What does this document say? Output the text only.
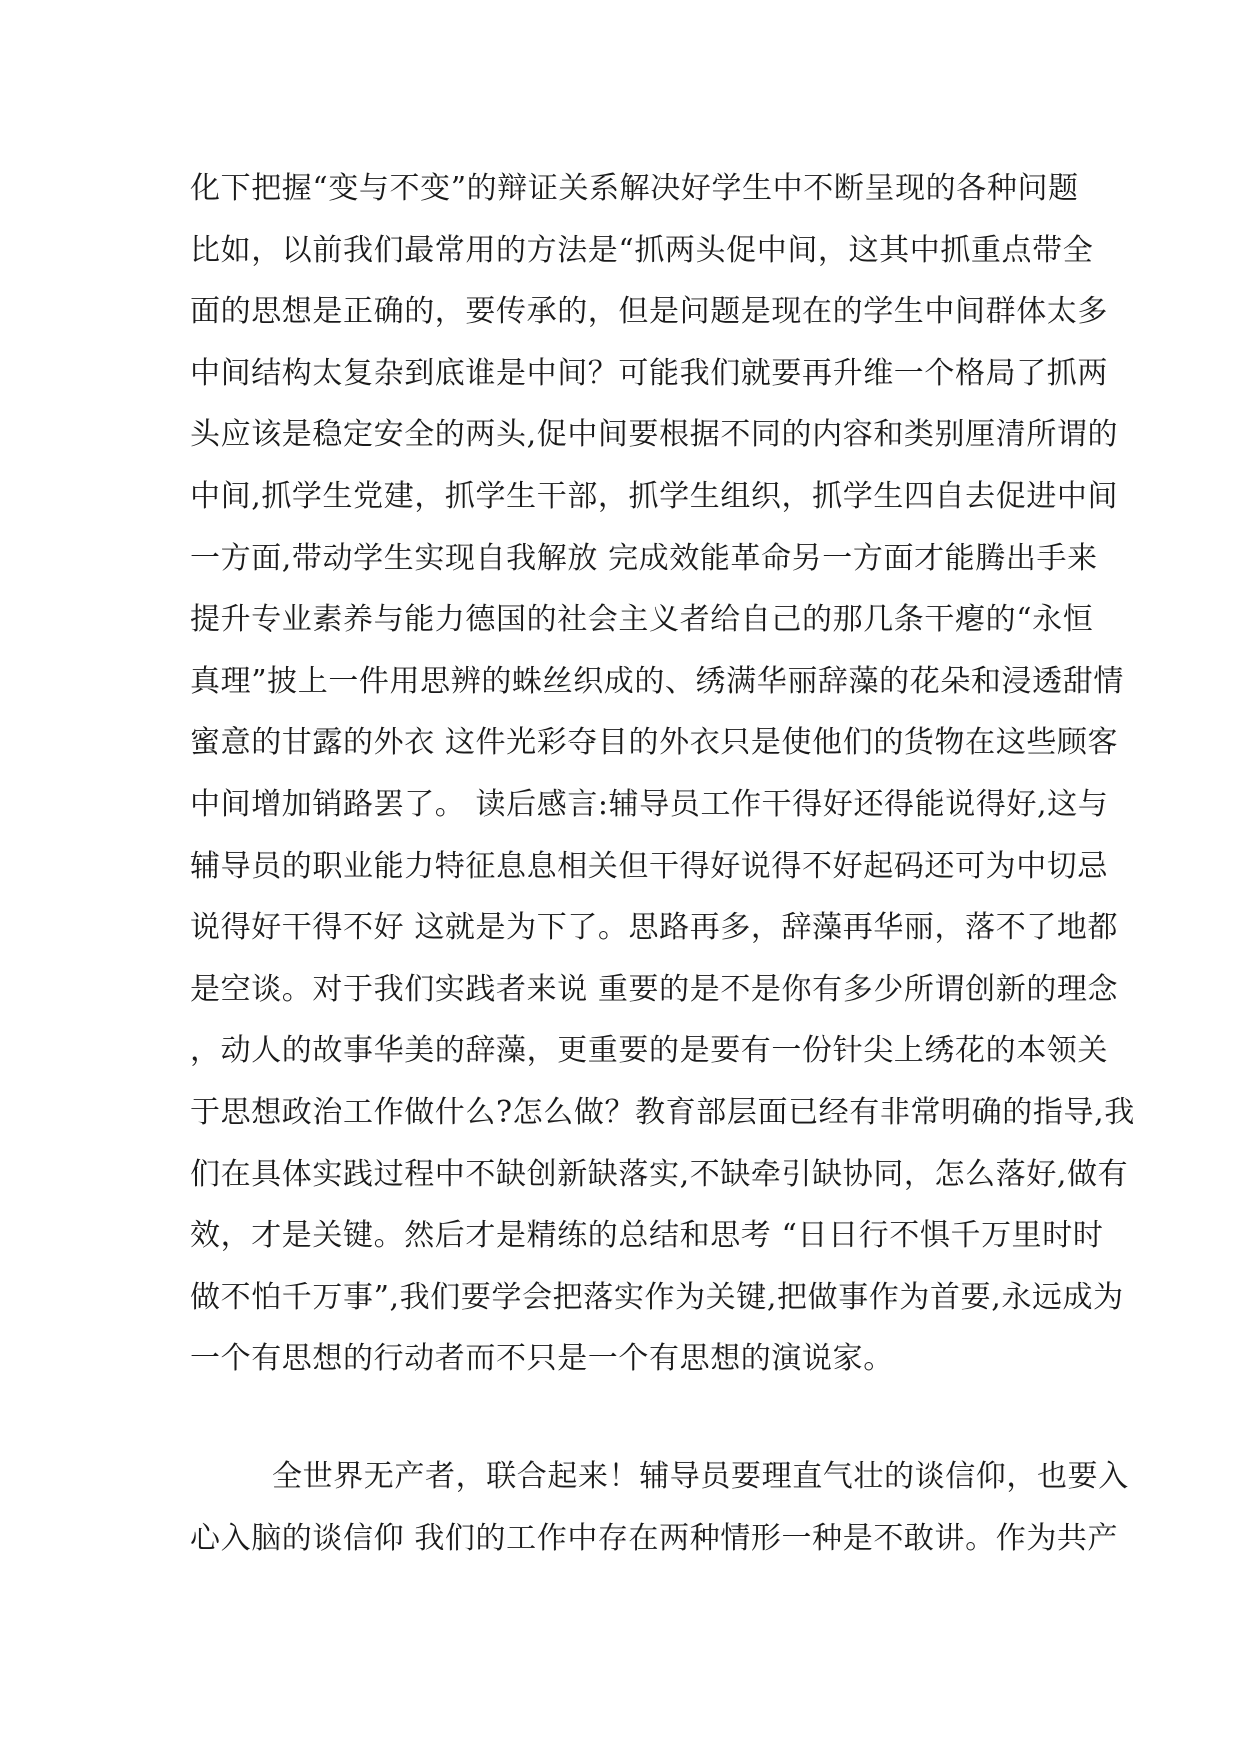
化下把握“变与不变”的辩证关系解决好学生中不断呈现的各种问题
比如，以前我们最常用的方法是“抓两头促中间，这其中抓重点带全
面的思想是正确的，要传承的，但是问题是现在的学生中间群体太多
中间结构太复杂到底谁是中间？可能我们就要再升维一个格局了抓两
头应该是稳定安全的两头,促中间要根据不同的内容和类别厘清所谓的
中间,抓学生党建，抓学生干部，抓学生组织，抓学生四自去促进中间
一方面,带动学生实现自我解放 完成效能革命另一方面才能腾出手来
提升专业素养与能力德国的社会主义者给自己的那几条干瘪的“永恒
真理”披上一件用思辨的蛛丝织成的、绣满华丽辞藻的花朵和浸透甜情
蜜意的甘露的外衣 这件光彩夺目的外衣只是使他们的货物在这些顾客
中间增加销路罢了。 读后感言:辅导员工作干得好还得能说得好,这与
辅导员的职业能力特征息息相关但干得好说得不好起码还可为中切忌
说得好干得不好 这就是为下了。思路再多，辞藻再华丽，落不了地都
是空谈。对于我们实践者来说 重要的是不是你有多少所谓创新的理念
，动人的故事华美的辞藻，更重要的是要有一份针尖上绣花的本领关
于思想政治工作做什么?怎么做？教育部层面已经有非常明确的指导,我
们在具体实践过程中不缺创新缺落实,不缺牵引缺协同，怎么落好,做有
效，才是关键。然后才是精练的总结和思考 “日日行不惧千万里时时
做不怕千万事”,我们要学会把落实作为关键,把做事作为首要,永远成为
一个有思想的行动者而不只是一个有思想的演说家。
全世界无产者，联合起来！辅导员要理直气壮的谈信仰，也要入
心入脑的谈信仰 我们的工作中存在两种情形一种是不敢讲。作为共产
